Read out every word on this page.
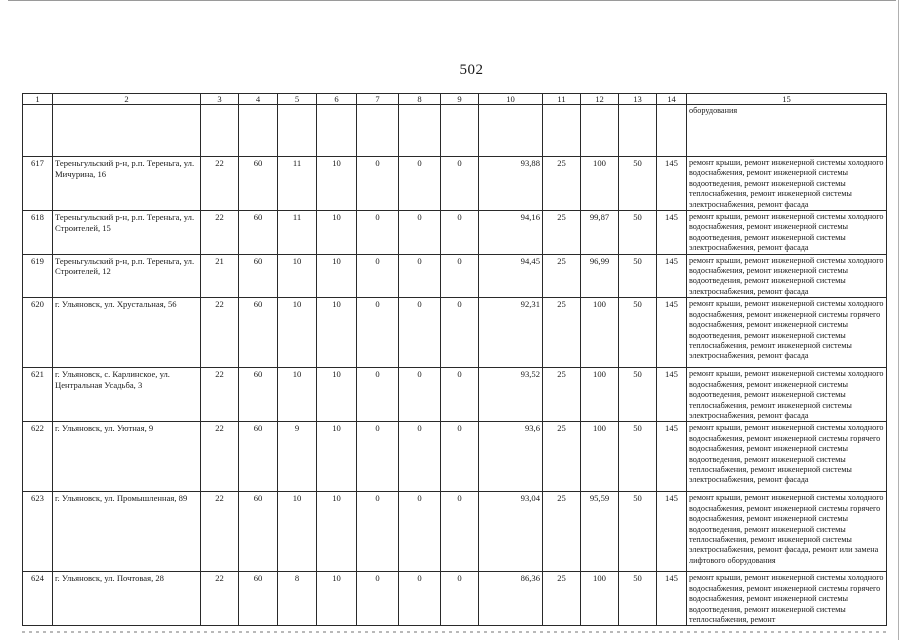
502
1	2	3	4	5	6	7	8	9	10	11	12	13	14	15
														оборудования
617	Тереньгульский р-н, р.п. Тереньга, ул. Мичурина, 16	22	60	11	10	0	0	0	93,88	25	100	50	145	ремонт крыши, ремонт инженерной системы холодного водоснабжения, ремонт инженерной системы водоотведения, ремонт инженерной системы теплоснабжения, ремонт инженерной системы электроснабжения, ремонт фасада
618	Тереньгульский р-н, р.п. Тереньга, ул. Строителей, 15	22	60	11	10	0	0	0	94,16	25	99,87	50	145	ремонт крыши, ремонт инженерной системы холодного водоснабжения, ремонт инженерной системы водоотведения, ремонт инженерной системы электроснабжения, ремонт фасада
619	Тереньгульский р-н, р.п. Тереньга, ул. Строителей, 12	21	60	10	10	0	0	0	94,45	25	96,99	50	145	ремонт крыши, ремонт инженерной системы холодного водоснабжения, ремонт инженерной системы водоотведения, ремонт инженерной системы электроснабжения, ремонт фасада
620	г. Ульяновск, ул. Хрустальная, 56	22	60	10	10	0	0	0	92,31	25	100	50	145	ремонт крыши, ремонт инженерной системы холодного водоснабжения, ремонт инженерной системы горячего водоснабжения, ремонт инженерной системы водоотведения, ремонт инженерной системы теплоснабжения, ремонт инженерной системы электроснабжения, ремонт фасада
621	г. Ульяновск, с. Карлинское, ул. Центральная Усадьба, 3	22	60	10	10	0	0	0	93,52	25	100	50	145	ремонт крыши, ремонт инженерной системы холодного водоснабжения, ремонт инженерной системы водоотведения, ремонт инженерной системы теплоснабжения, ремонт инженерной системы электроснабжения, ремонт фасада
622	г. Ульяновск, ул. Уютная, 9	22	60	9	10	0	0	0	93,6	25	100	50	145	ремонт крыши, ремонт инженерной системы холодного водоснабжения, ремонт инженерной системы горячего водоснабжения, ремонт инженерной системы водоотведения, ремонт инженерной системы теплоснабжения, ремонт инженерной системы электроснабжения, ремонт фасада
623	г. Ульяновск, ул. Промышленная, 89	22	60	10	10	0	0	0	93,04	25	95,59	50	145	ремонт крыши, ремонт инженерной системы холодного водоснабжения, ремонт инженерной системы горячего водоснабжения, ремонт инженерной системы водоотведения, ремонт инженерной системы теплоснабжения, ремонт инженерной системы электроснабжения, ремонт фасада, ремонт или замена лифтового оборудования
624	г. Ульяновск, ул. Почтовая, 28	22	60	8	10	0	0	0	86,36	25	100	50	145	ремонт крыши, ремонт инженерной системы холодного водоснабжения, ремонт инженерной системы горячего водоснабжения, ремонт инженерной системы водоотведения, ремонт инженерной системы теплоснабжения, ремонт
